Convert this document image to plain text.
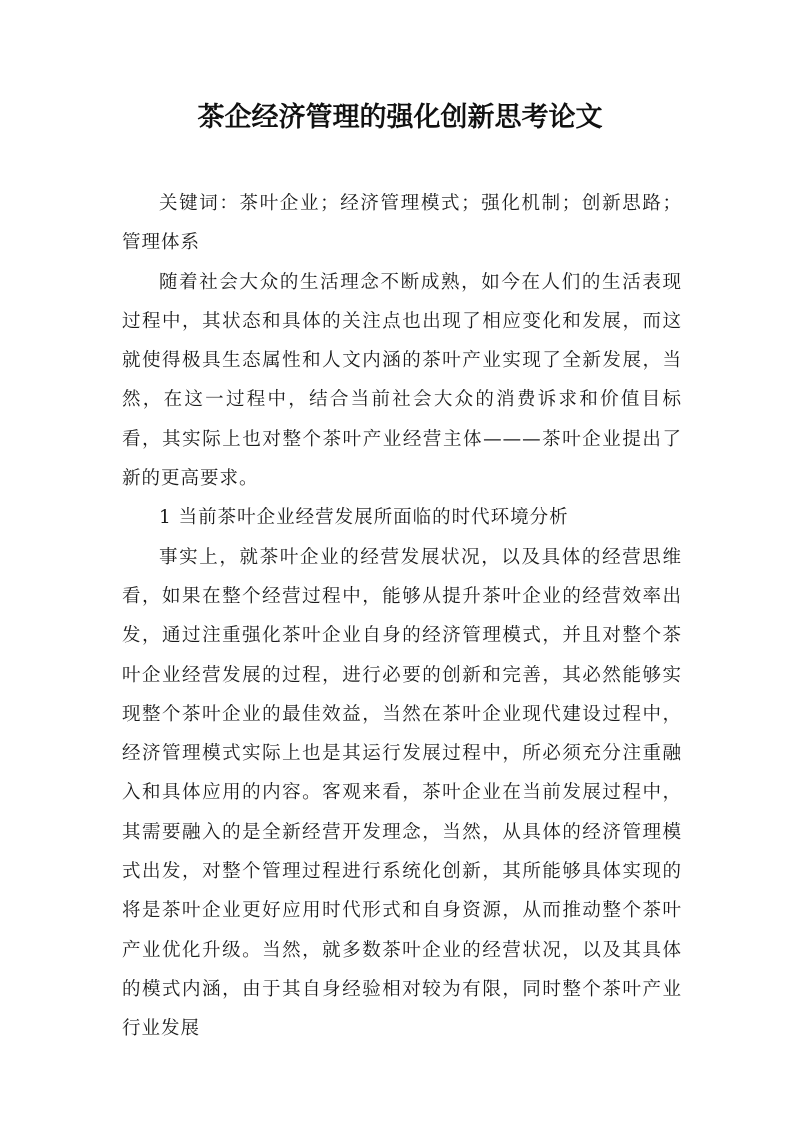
茶企经济管理的强化创新思考论文

关键词：茶叶企业；经济管理模式；强化机制；创新思路；管理体系

随着社会大众的生活理念不断成熟，如今在人们的生活表现过程中，其状态和具体的关注点也出现了相应变化和发展，而这就使得极具生态属性和人文内涵的茶叶产业实现了全新发展，当然，在这一过程中，结合当前社会大众的消费诉求和价值目标看，其实际上也对整个茶叶产业经营主体———茶叶企业提出了新的更高要求。

1 当前茶叶企业经营发展所面临的时代环境分析

事实上，就茶叶企业的经营发展状况，以及具体的经营思维看，如果在整个经营过程中，能够从提升茶叶企业的经营效率出发，通过注重强化茶叶企业自身的经济管理模式，并且对整个茶叶企业经营发展的过程，进行必要的创新和完善，其必然能够实现整个茶叶企业的最佳效益，当然在茶叶企业现代建设过程中，经济管理模式实际上也是其运行发展过程中，所必须充分注重融入和具体应用的内容。客观来看，茶叶企业在当前发展过程中，其需要融入的是全新经营开发理念，当然，从具体的经济管理模式出发，对整个管理过程进行系统化创新，其所能够具体实现的将是茶叶企业更好应用时代形式和自身资源，从而推动整个茶叶产业优化升级。当然，就多数茶叶企业的经营状况，以及其具体的模式内涵，由于其自身经验相对较为有限，同时整个茶叶产业行业发展
